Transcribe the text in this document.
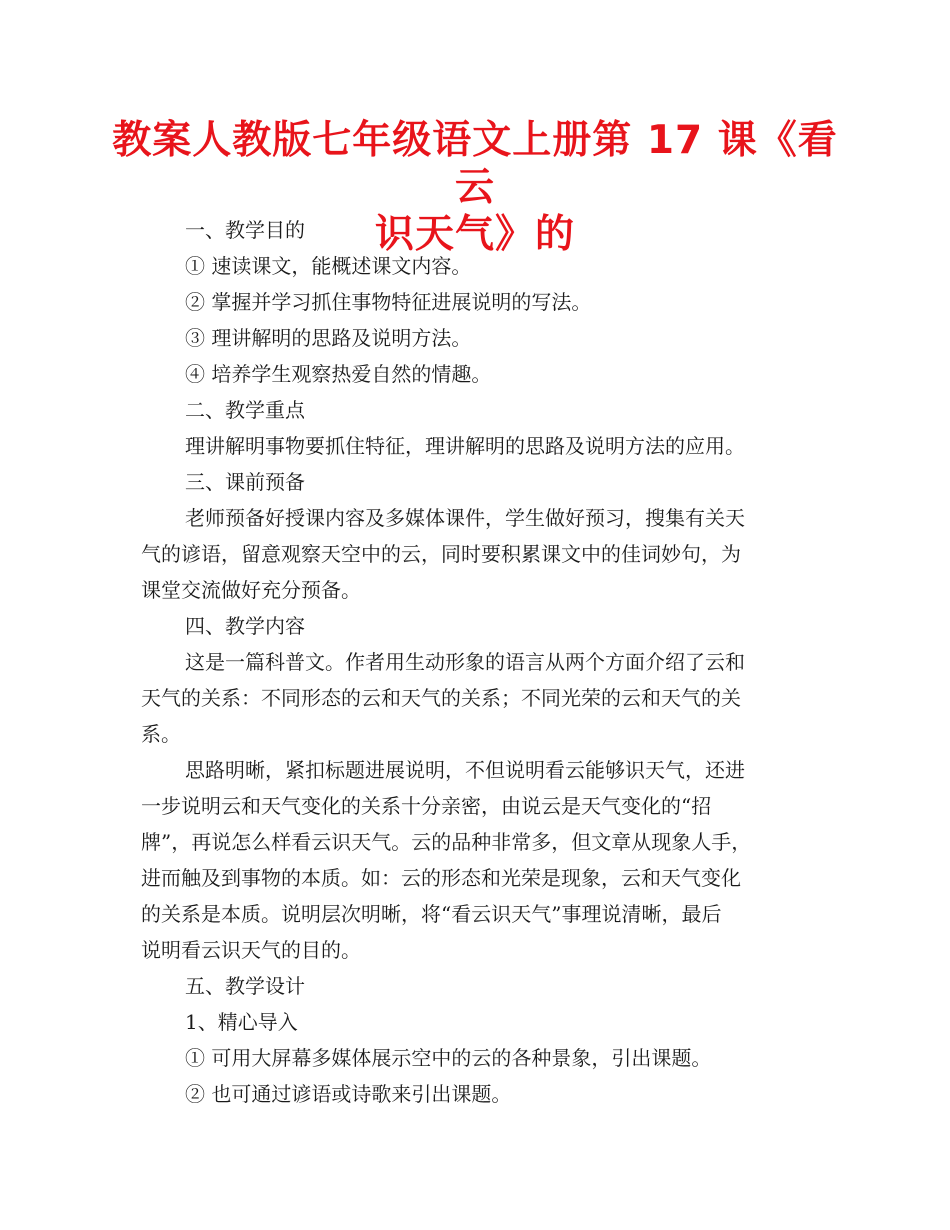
教案人教版七年级语文上册第 17 课《看云
识天气》的

一、教学目的

① 速读课文，能概述课文内容。

② 掌握并学习抓住事物特征进展说明的写法。

③ 理讲解明的思路及说明方法。

④ 培养学生观察热爱自然的情趣。

二、教学重点

理讲解明事物要抓住特征，理讲解明的思路及说明方法的应用。

三、课前预备

老师预备好授课内容及多媒体课件，学生做好预习，搜集有关天

气的谚语，留意观察天空中的云，同时要积累课文中的佳词妙句，为

课堂交流做好充分预备。

四、教学内容

这是一篇科普文。作者用生动形象的语言从两个方面介绍了云和

天气的关系：不同形态的云和天气的关系；不同光荣的云和天气的关

系。

思路明晰，紧扣标题进展说明，不但说明看云能够识天气，还进

一步说明云和天气变化的关系十分亲密，由说云是天气变化的“招

牌”，再说怎么样看云识天气。云的品种非常多，但文章从现象人手，

进而触及到事物的本质。如：云的形态和光荣是现象，云和天气变化

的关系是本质。说明层次明晰，将“看云识天气”事理说清晰，最后

说明看云识天气的目的。

五、教学设计

1、精心导入

① 可用大屏幕多媒体展示空中的云的各种景象，引出课题。

② 也可通过谚语或诗歌来引出课题。
